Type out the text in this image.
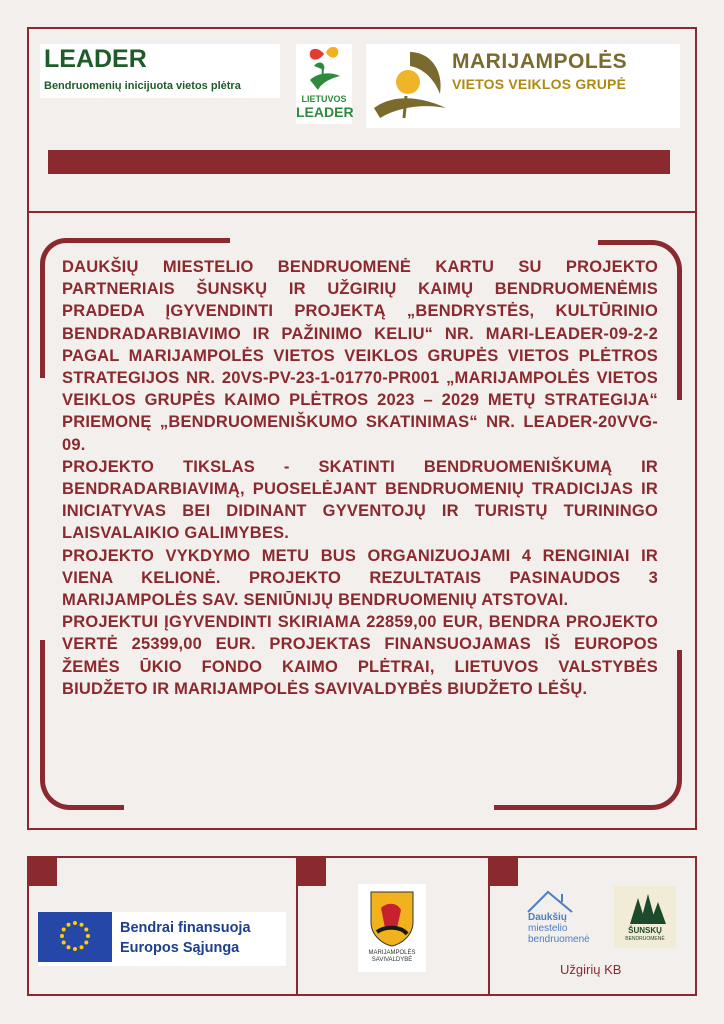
LEADER
Bendruomenių inicijuota vietos plėtra
LIETUVOS
LEADER
MARIJAMPOLĖS
VIETOS VEIKLOS GRUPĖ

DAUKŠIŲ MIESTELIO BENDRUOMENĖ KARTU SU PROJEKTO PARTNERIAIS ŠUNSKŲ IR UŽGIRIŲ KAIMŲ BENDRUOMENĖMIS PRADEDA ĮGYVENDINTI PROJEKTĄ „BENDRYSTĖS, KULTŪRINIO BENDRADARBIAVIMO IR PAŽINIMO KELIU“ NR. MARI-LEADER-09-2-2 PAGAL MARIJAMPOLĖS VIETOS VEIKLOS GRUPĖS VIETOS PLĖTROS STRATEGIJOS NR. 20VS-PV-23-1-01770-PR001 „MARIJAMPOLĖS VIETOS VEIKLOS GRUPĖS KAIMO PLĖTROS 2023 – 2029 METŲ STRATEGIJA“ PRIEMONĘ „BENDRUOMENIŠKUMO SKATINIMAS“ NR. LEADER-20VVG-09.

PROJEKTO TIKSLAS - SKATINTI BENDRUOMENIŠKUMĄ IR BENDRADARBIAVIMĄ, PUOSELĖJANT BENDRUOMENIŲ TRADICIJAS IR INICIATYVAS BEI DIDINANT GYVENTOJŲ IR TURISTŲ TURININGO LAISVALAIKIO GALIMYBES.

PROJEKTO VYKDYMO METU BUS ORGANIZUOJAMI 4 RENGINIAI IR VIENA KELIONĖ. PROJEKTO REZULTATAIS PASINAUDOS 3 MARIJAMPOLĖS SAV. SENIŪNIJŲ BENDRUOMENIŲ ATSTOVAI.

PROJEKTUI ĮGYVENDINTI SKIRIAMA 22859,00 EUR, BENDRA PROJEKTO VERTĖ 25399,00 EUR. PROJEKTAS FINANSUOJAMAS IŠ EUROPOS ŽEMĖS ŪKIO FONDO KAIMO PLĖTRAI, LIETUVOS VALSTYBĖS BIUDŽETO IR MARIJAMPOLĖS SAVIVALDYBĖS BIUDŽETO LĖŠŲ.

Bendrai finansuoja
Europos Sąjunga	MARIJAMPOLĖS
SAVIVALDYBĖ
Daukšių
miestelio
bendruomenė
ŠUNSKŲ
BENDRUOMENĖ
Užgirių KB
